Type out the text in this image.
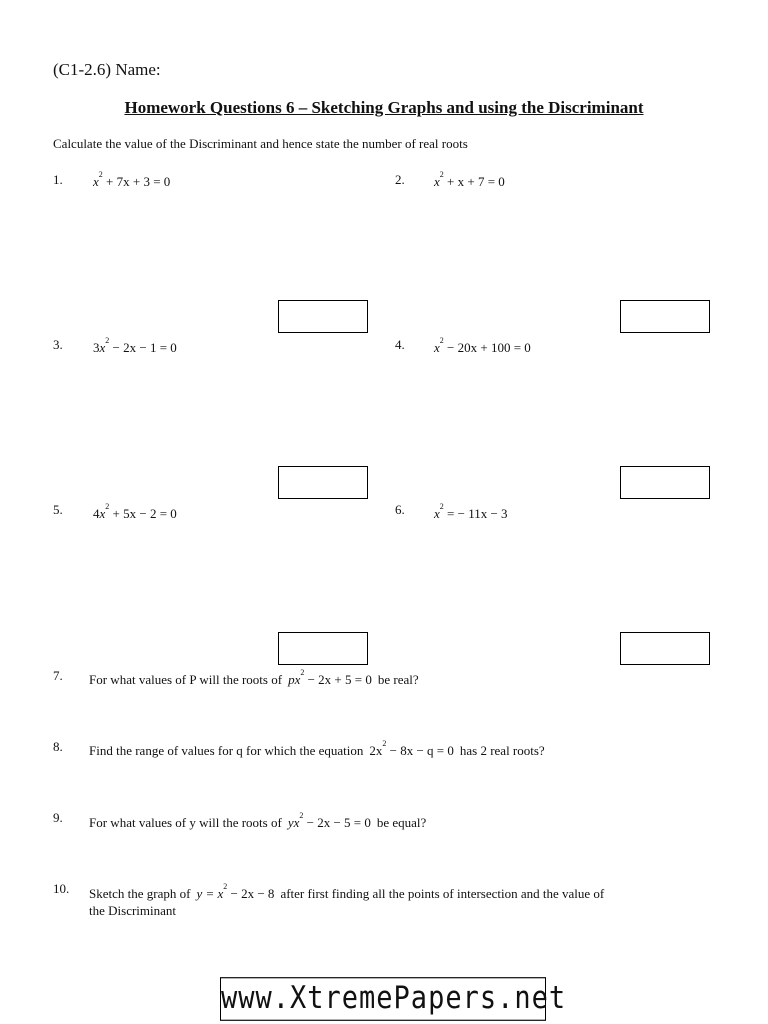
(C1-2.6) Name:
Homework Questions 6 – Sketching Graphs and using the Discriminant
Calculate the value of the Discriminant and hence state the number of real roots
1. $x^2 + 7x + 3 = 0$	2. $x^2 + x + 7 = 0$
3. $3x^2 - 2x - 1 = 0$	4. $x^2 - 20x + 100 = 0$
5. $4x^2 + 5x - 2 = 0$	6. $x^2$ = − 11x − 3
7. For what values of P will the roots of $px^2 - 2x + 5 = 0$ be real?
8. Find the range of values for q for which the equation $2x^2 - 8x - q = 0$ has 2 real roots?
9. For what values of y will the roots of $yx^2 - 2x - 5 = 0$ be equal?
10. Sketch the graph of $y = x^2 - 2x - 8$ after first finding all the points of intersection and the value of
the Discriminant
www.XtremePapers.net
